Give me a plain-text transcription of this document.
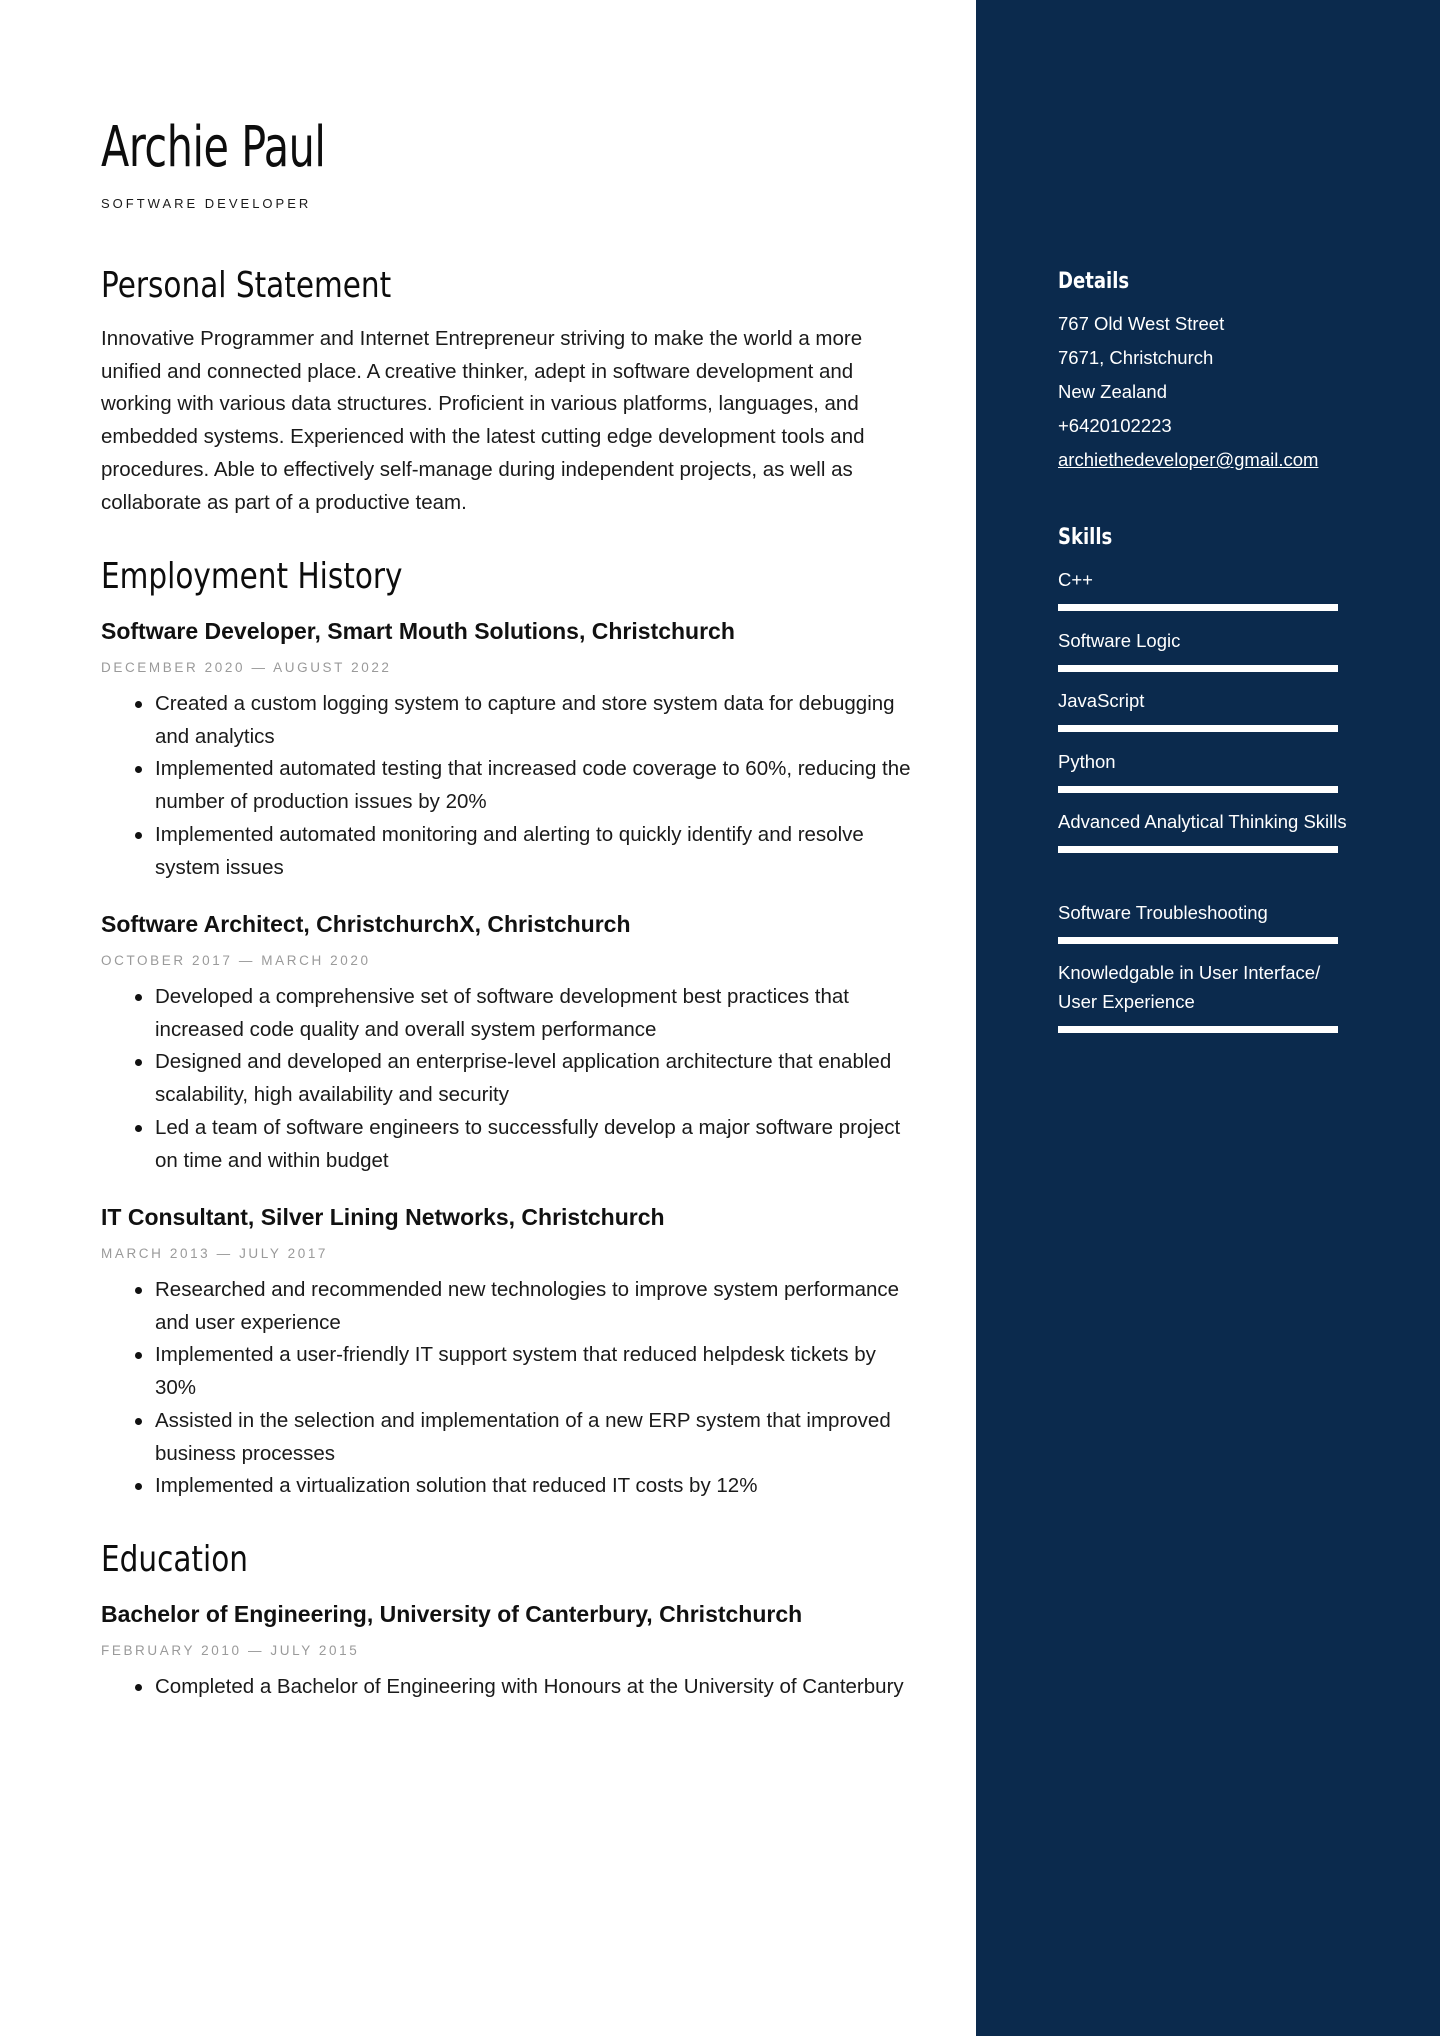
Archie Paul
SOFTWARE DEVELOPER
Personal Statement
Innovative Programmer and Internet Entrepreneur striving to make the world a more unified and connected place. A creative thinker, adept in software development and working with various data structures. Proficient in various platforms, languages, and embedded systems. Experienced with the latest cutting edge development tools and procedures. Able to effectively self-manage during independent projects, as well as collaborate as part of a productive team.
Employment History
Software Developer, Smart Mouth Solutions, Christchurch
DECEMBER 2020 — AUGUST 2022
Created a custom logging system to capture and store system data for debugging and analytics
Implemented automated testing that increased code coverage to 60%, reducing the number of production issues by 20%
Implemented automated monitoring and alerting to quickly identify and resolve system issues
Software Architect, ChristchurchX, Christchurch
OCTOBER 2017 — MARCH 2020
Developed a comprehensive set of software development best practices that increased code quality and overall system performance
Designed and developed an enterprise-level application architecture that enabled scalability, high availability and security
Led a team of software engineers to successfully develop a major software project on time and within budget
IT Consultant, Silver Lining Networks, Christchurch
MARCH 2013 — JULY 2017
Researched and recommended new technologies to improve system performance and user experience
Implemented a user-friendly IT support system that reduced helpdesk tickets by 30%
Assisted in the selection and implementation of a new ERP system that improved business processes
Implemented a virtualization solution that reduced IT costs by 12%
Education
Bachelor of Engineering, University of Canterbury, Christchurch
FEBRUARY 2010 — JULY 2015
Completed a Bachelor of Engineering with Honours at the University of Canterbury
Details
767 Old West Street
7671, Christchurch
New Zealand
+6420102223
archiethedeveloper@gmail.com
Skills
C++
Software Logic
JavaScript
Python
Advanced Analytical Thinking Skills
Software Troubleshooting
Knowledgable in User Interface/ User Experience
